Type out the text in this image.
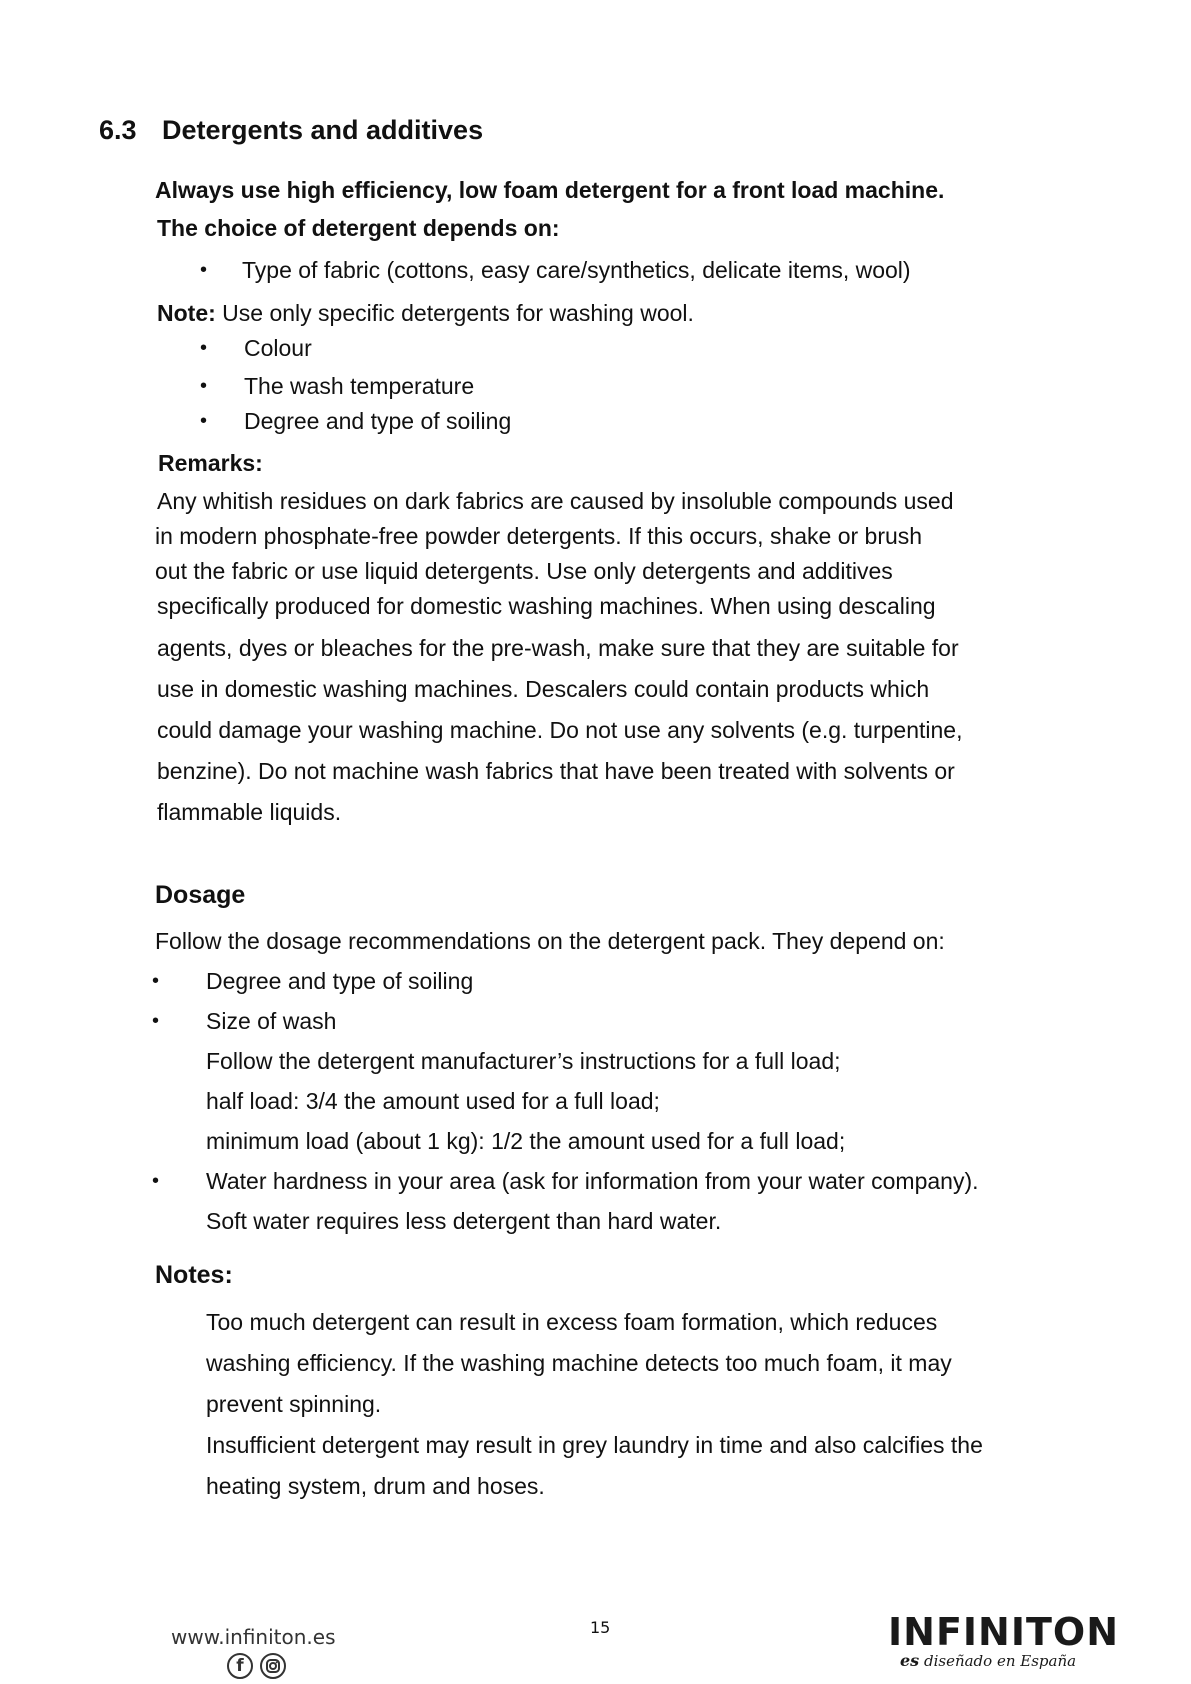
6.3 Detergents and additives
Always use high efficiency, low foam detergent for a front load machine.
The choice of detergent depends on:
• Type of fabric (cottons, easy care/synthetics, delicate items, wool)
Note: Use only specific detergents for washing wool.
• Colour
• The wash temperature
• Degree and type of soiling
Remarks:
Any whitish residues on dark fabrics are caused by insoluble compounds used
in modern phosphate-free powder detergents. If this occurs, shake or brush
out the fabric or use liquid detergents. Use only detergents and additives
specifically produced for domestic washing machines. When using descaling
agents, dyes or bleaches for the pre-wash, make sure that they are suitable for
use in domestic washing machines. Descalers could contain products which
could damage your washing machine. Do not use any solvents (e.g. turpentine,
benzine). Do not machine wash fabrics that have been treated with solvents or
flammable liquids.
Dosage
Follow the dosage recommendations on the detergent pack. They depend on:
• Degree and type of soiling
• Size of wash
Follow the detergent manufacturer’s instructions for a full load;
half load: 3/4 the amount used for a full load;
minimum load (about 1 kg): 1/2 the amount used for a full load;
• Water hardness in your area (ask for information from your water company).
Soft water requires less detergent than hard water.
Notes:
Too much detergent can result in excess foam formation, which reduces
washing efficiency. If the washing machine detects too much foam, it may
prevent spinning.
Insufficient detergent may result in grey laundry in time and also calcifies the
heating system, drum and hoses.
www.infiniton.es
f
15	INFINITON
es diseñado en España
